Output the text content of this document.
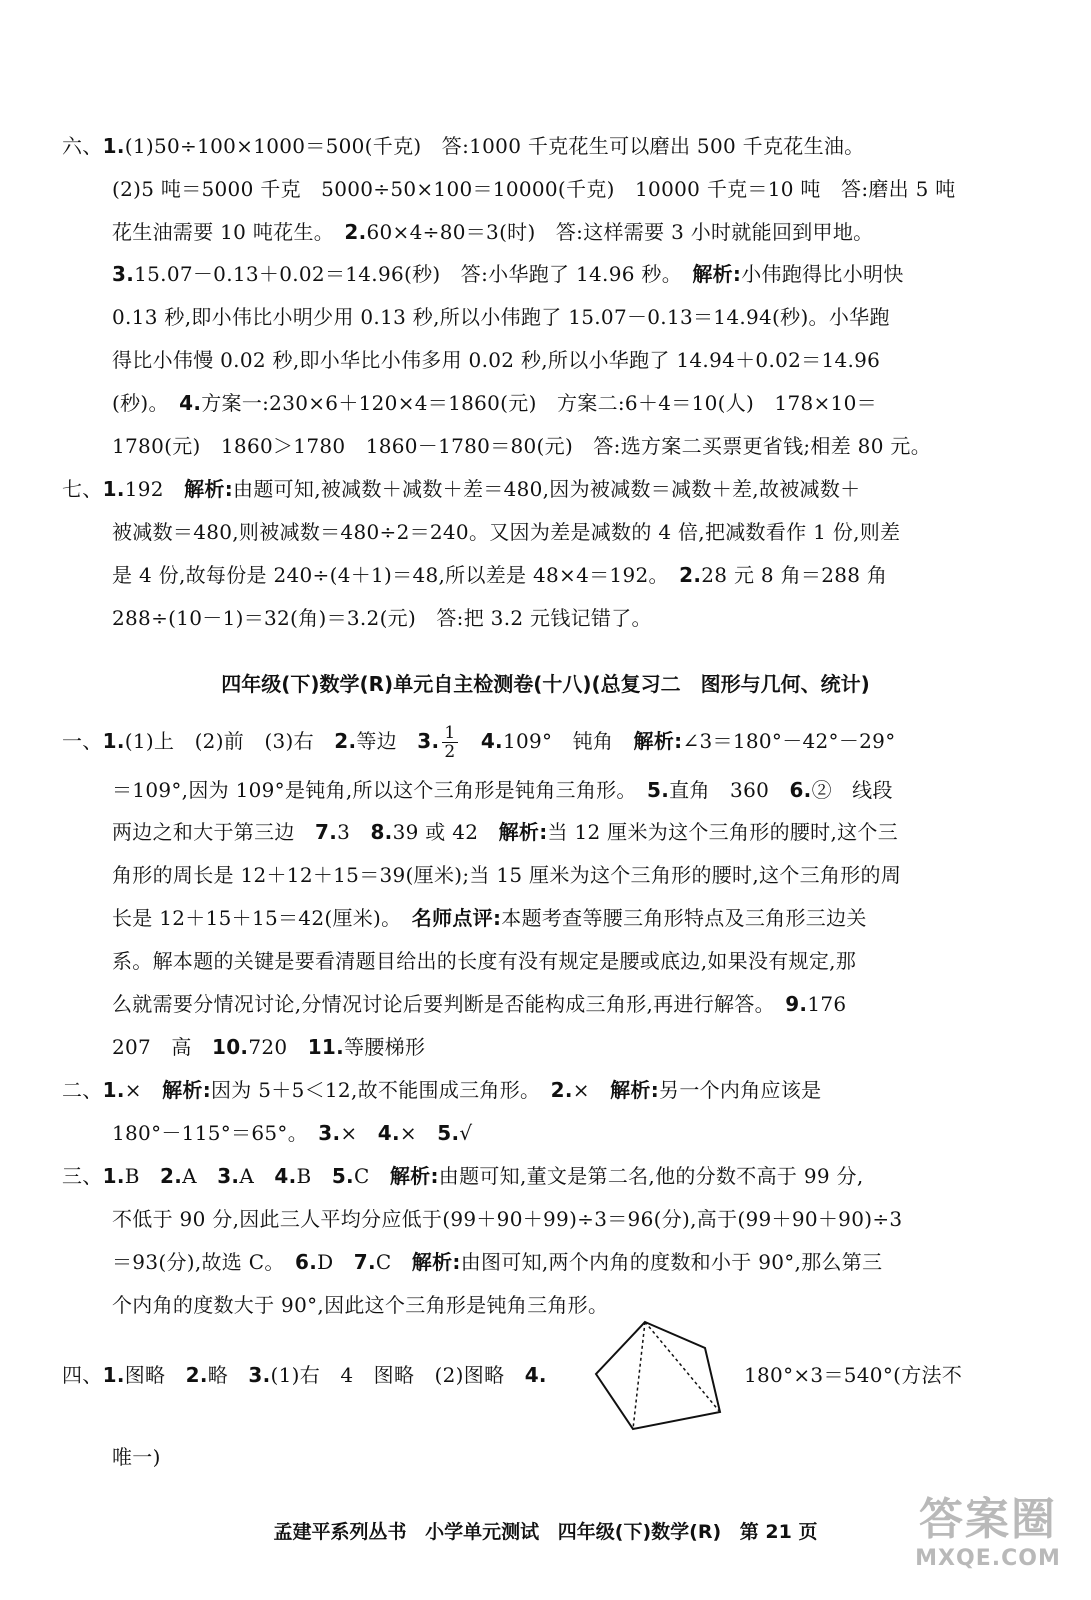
六、1.(1)50÷100×1000＝500(千克)　答:1000 千克花生可以磨出 500 千克花生油。
(2)5 吨＝5000 千克　5000÷50×100＝10000(千克)　10000 千克＝10 吨　答:磨出 5 吨
花生油需要 10 吨花生。　2.60×4÷80＝3(时)　答:这样需要 3 小时就能回到甲地。
3.15.07－0.13＋0.02＝14.96(秒)　答:小华跑了 14.96 秒。　解析:小伟跑得比小明快
0.13 秒,即小伟比小明少用 0.13 秒,所以小伟跑了 15.07－0.13＝14.94(秒)。小华跑
得比小伟慢 0.02 秒,即小华比小伟多用 0.02 秒,所以小华跑了 14.94＋0.02＝14.96
(秒)。　4.方案一:230×6＋120×4＝1860(元)　方案二:6＋4＝10(人)　178×10＝
1780(元)　1860＞1780　1860－1780＝80(元)　答:选方案二买票更省钱;相差 80 元。
七、1.192　解析:由题可知,被减数＋减数＋差＝480,因为被减数＝减数＋差,故被减数＋
被减数＝480,则被减数＝480÷2＝240。又因为差是减数的 4 倍,把减数看作 1 份,则差
是 4 份,故每份是 240÷(4＋1)＝48,所以差是 48×4＝192。　2.28 元 8 角＝288 角
288÷(10－1)＝32(角)＝3.2(元)　答:把 3.2 元钱记错了。
四年级(下)数学(R)单元自主检测卷(十八)(总复习二　图形与几何、统计)
一、1.(1)上　(2)前　(3)右　2.等边　3. $\frac{1}{2}$
　 4.109°　钝角　解析:∠3＝180°－42°－29°
＝109°,因为 109°是钝角,所以这个三角形是钝角三角形。　5.直角　360　6.②　线段
两边之和大于第三边　7.3　8.39 或 42　解析:当 12 厘米为这个三角形的腰时,这个三
角形的周长是 12＋12＋15＝39(厘米);当 15 厘米为这个三角形的腰时,这个三角形的周
长是 12＋15＋15＝42(厘米)。　名师点评:本题考查等腰三角形特点及三角形三边关
系。解本题的关键是要看清题目给出的长度有没有规定是腰或底边,如果没有规定,那
么就需要分情况讨论,分情况讨论后要判断是否能构成三角形,再进行解答。　9.176
207　高　10.720　11.等腰梯形
二、1.×　解析:因为 5＋5＜12,故不能围成三角形。　2.×　解析:另一个内角应该是
180°－115°＝65°。　3.×　4.×　5.√
三、1.B　2.A　3.A　4.B　5.C　解析:由题可知,董文是第二名,他的分数不高于 99 分,
不低于 90 分,因此三人平均分应低于(99＋90＋99)÷3＝96(分),高于(99＋90＋90)÷3
＝93(分),故选 C。　6.D　7.C　解析:由图可知,两个内角的度数和小于 90°,那么第三
个内角的度数大于 90°,因此这个三角形是钝角三角形。
四、1.图略　2.略　3.(1)右　4　图略　(2)图略　4.	180°×3＝540°(方法不
唯一)
孟建平系列丛书 小学单元测试 四年级(下)数学(R) 第 21 页	答案圈
MXQE.COM
